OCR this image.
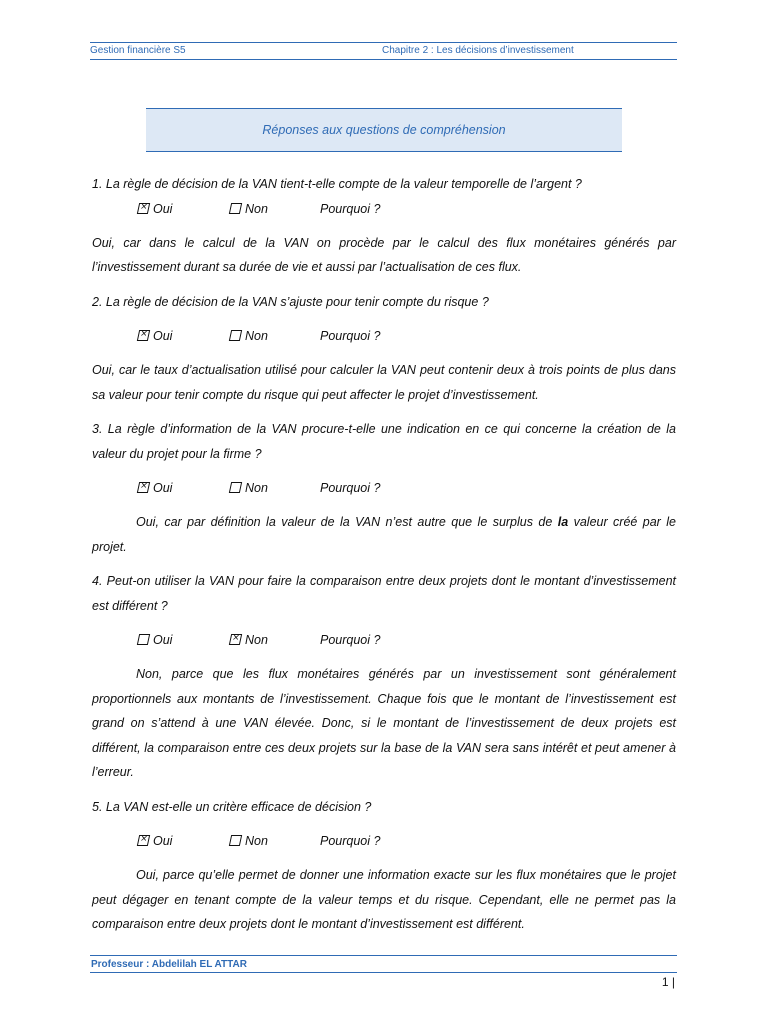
Gestion financière S5	Chapitre 2 : Les décisions d’investissement
Réponses aux questions de compréhension

1. La règle de décision de la VAN tient-t-elle compte de la valeur temporelle de l’argent ?

×Oui	Non	Pourquoi ?

Oui, car dans le calcul de la VAN on procède par le calcul des flux monétaires générés par l’investissement durant sa durée de vie et aussi par l’actualisation de ces flux.

2. La règle de décision de la VAN s’ajuste pour tenir compte du risque ?

×Oui	Non	Pourquoi ?

Oui, car le taux d’actualisation utilisé pour calculer la VAN peut contenir deux à trois points de plus dans sa valeur pour tenir compte du risque qui peut affecter le projet d’investissement.

3. La règle d’information de la VAN procure-t-elle une indication en ce qui concerne la création de la valeur du projet pour la firme ?

×Oui	Non	Pourquoi ?

Oui, car par définition la valeur de la VAN n’est autre que le surplus de la valeur créé par le projet.

4. Peut-on utiliser la VAN pour faire la comparaison entre deux projets dont le montant d’investissement est différent ?

Oui
×	Non	Pourquoi ?

Non, parce que les flux monétaires générés par un investissement sont généralement proportionnels aux montants de l’investissement. Chaque fois que le montant de l’investissement est grand on s’attend à une VAN élevée. Donc, si le montant de l’investissement de deux projets est différent, la comparaison entre ces deux projets sur la base de la VAN sera sans intérêt et peut amener à l’erreur.

5. La VAN est-elle un critère efficace de décision ?

×Oui	Non	Pourquoi ?

Oui, parce qu’elle permet de donner une information exacte sur les flux monétaires que le projet peut dégager en tenant compte de la valeur temps et du risque. Cependant, elle ne permet pas la comparaison entre deux projets dont le montant d’investissement est différent.

Professeur : Abdelilah EL ATTAR
1 |
